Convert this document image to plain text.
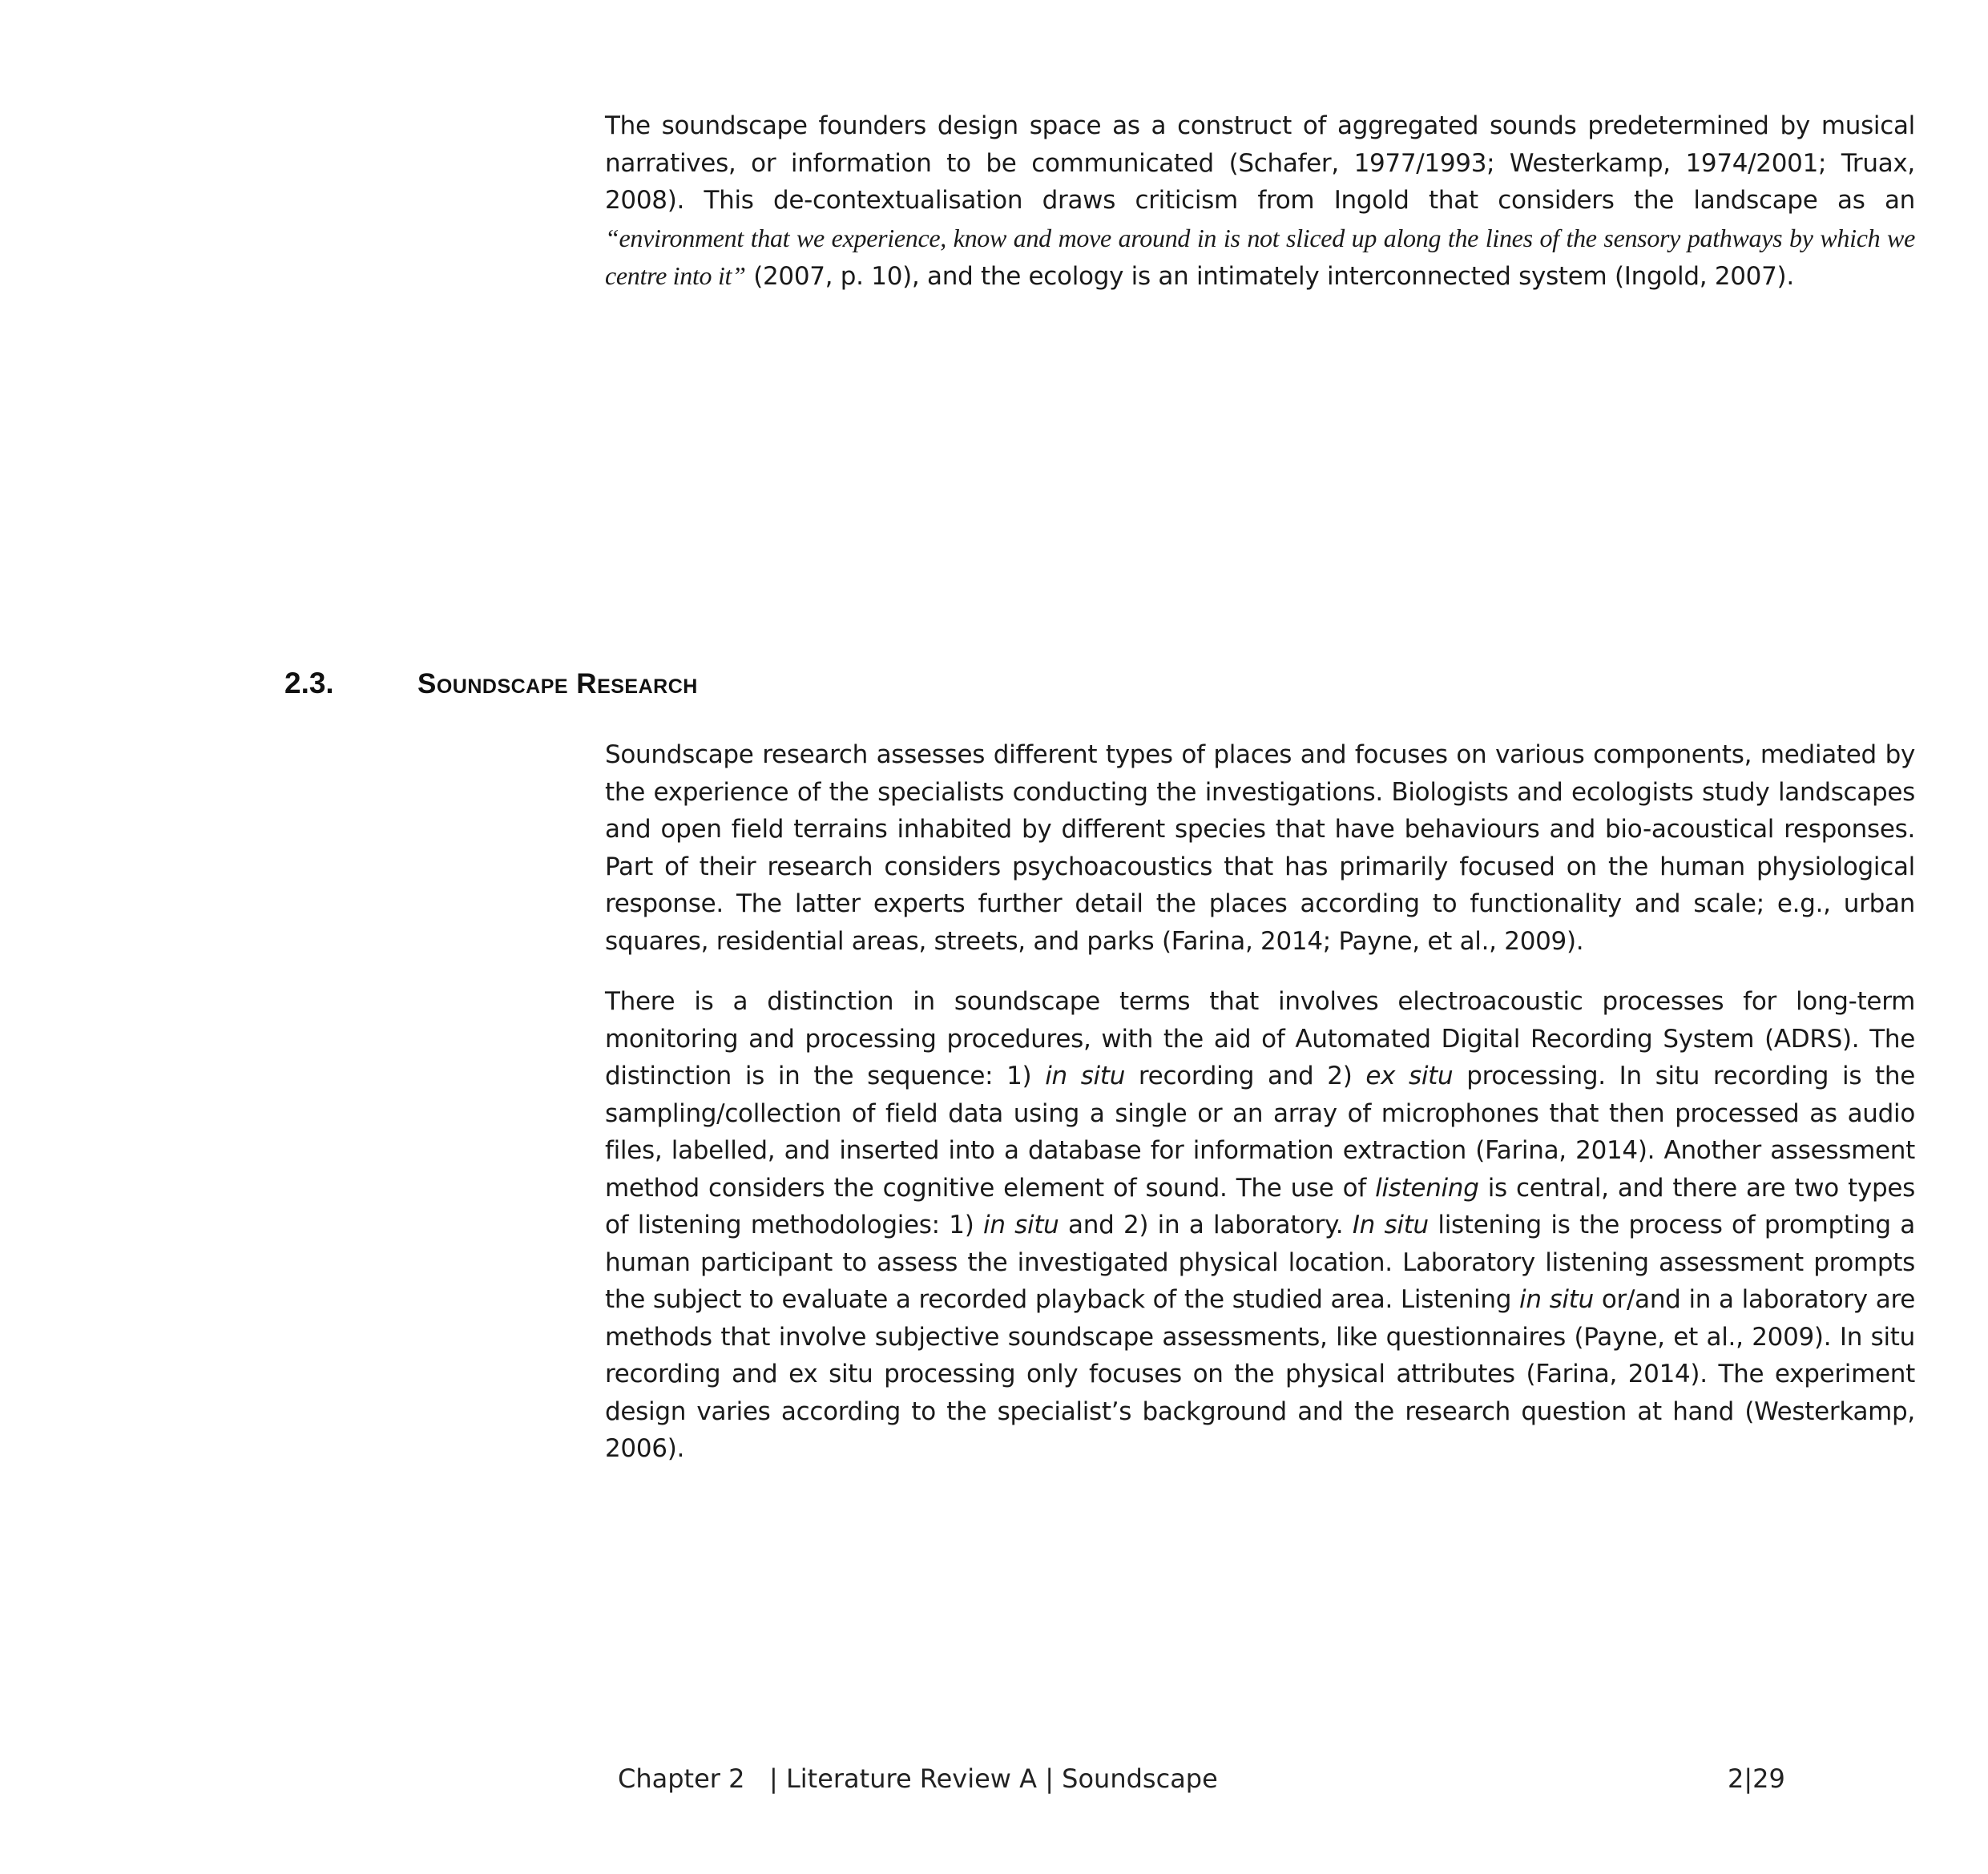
The soundscape founders design space as a construct of aggregated sounds predetermined by musical narratives, or information to be communicated (Schafer, 1977/1993; Westerkamp, 1974/2001; Truax, 2008). This de-contextualisation draws criticism from Ingold that considers the landscape as an “environment that we experience, know and move around in is not sliced up along the lines of the sensory pathways by which we centre into it” (2007, p. 10), and the ecology is an intimately interconnected system (Ingold, 2007).

2.3.	Soundscape Research

Soundscape research assesses different types of places and focuses on various components, mediated by the experience of the specialists conducting the investigations. Biologists and ecologists study landscapes and open field terrains inhabited by different species that have behaviours and bio-acoustical responses. Part of their research considers psychoacoustics that has primarily focused on the human physiological response. The latter experts further detail the places according to functionality and scale; e.g., urban squares, residential areas, streets, and parks (Farina, 2014; Payne, et al., 2009).

There is a distinction in soundscape terms that involves electroacoustic processes for long-term monitoring and processing procedures, with the aid of Automated Digital Recording System (ADRS). The distinction is in the sequence: 1) in situ recording and 2) ex situ processing. In situ recording is the sampling/collection of field data using a single or an array of microphones that then processed as audio files, labelled, and inserted into a database for information extraction (Farina, 2014). Another assessment method considers the cognitive element of sound. The use of listening is central, and there are two types of listening methodologies: 1) in situ and 2) in a laboratory. In situ listening is the process of prompting a human participant to assess the investigated physical location. Laboratory listening assessment prompts the subject to evaluate a recorded playback of the studied area. Listening in situ or/and in a laboratory are methods that involve subjective soundscape assessments, like questionnaires (Payne, et al., 2009). In situ recording and ex situ processing only focuses on the physical attributes (Farina, 2014). The experiment design varies according to the specialist’s background and the research question at hand (Westerkamp, 2006).

Chapter 2   | Literature Review A | Soundscape	2|29
